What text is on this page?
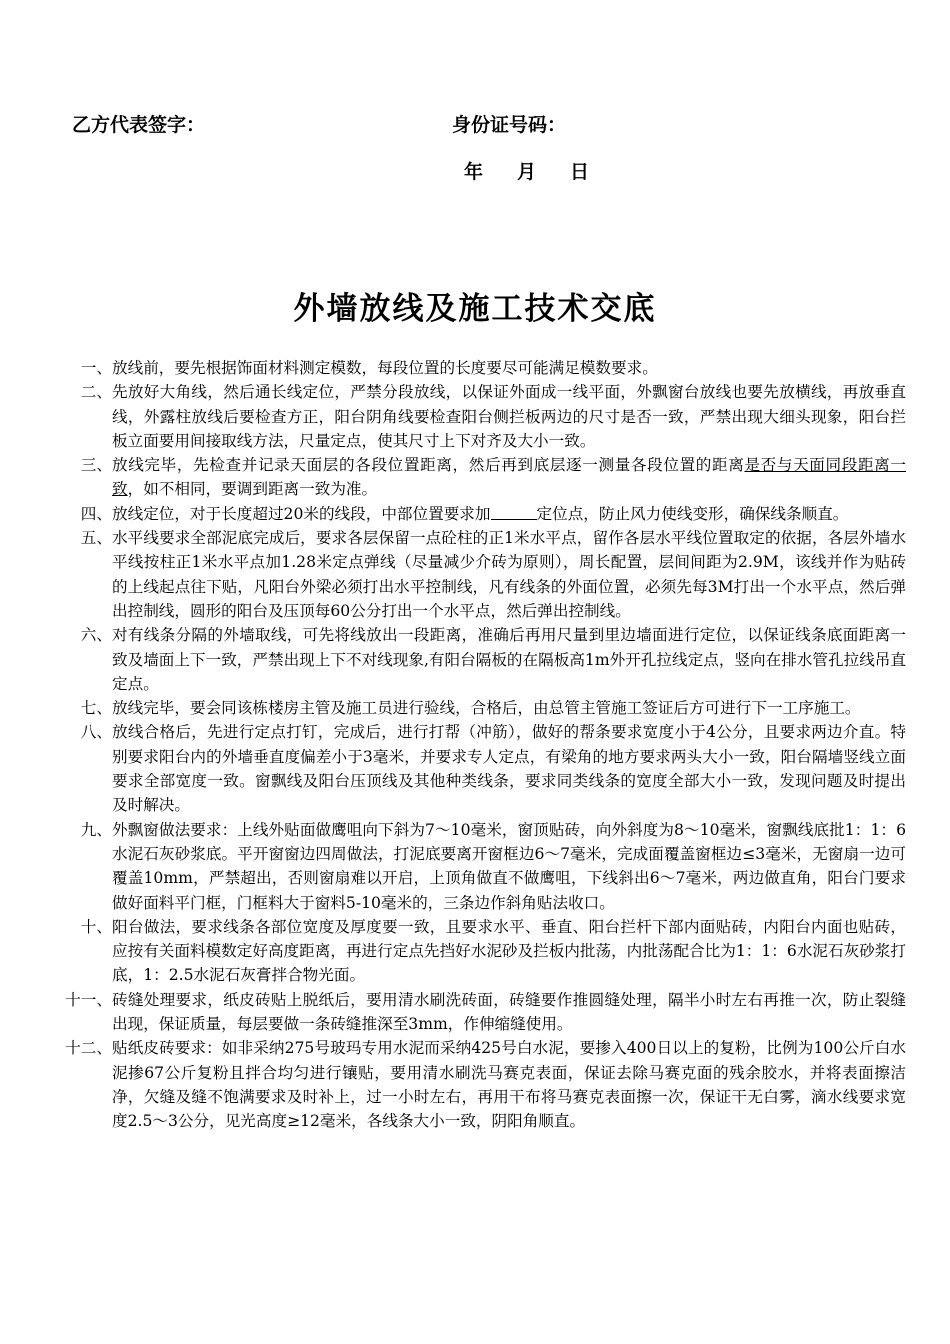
乙方代表签字：	身份证号码：
年 月 日
外墙放线及施工技术交底
一、 放线前，要先根据饰面材料测定模数，每段位置的长度要尽可能满足模数要求。
二、 先放好大角线，然后通长线定位，严禁分段放线，以保证外面成一线平面，外飘窗台放线也要先放横线，再放垂直线，外露柱放线后要检查方正，阳台阴角线要检查阳台侧拦板两边的尺寸是否一致，严禁出现大细头现象，阳台拦板立面要用间接取线方法，尺量定点，使其尺寸上下对齐及大小一致。
三、 放线完毕，先检查并记录天面层的各段位置距离，然后再到底层逐一测量各段位置的距离是否与天面同段距离一致，如不相同，要调到距离一致为准。
四、 放线定位，对于长度超过20米的线段，中部位置要求加	定位点，防止风力使线变形，确保线条顺直。
五、 水平线要求全部泥底完成后，要求各层保留一点砼柱的正1米水平点，留作各层水平线位置取定的依据，各层外墙水平线按柱正1米水平点加1.28米定点弹线（尽量减少介砖为原则），周长配置，层间间距为2.9M，该线并作为贴砖的上线起点往下贴，凡阳台外梁必须打出水平控制线，凡有线条的外面位置，必须先每3M打出一个水平点，然后弹出控制线，圆形的阳台及压顶每60公分打出一个水平点，然后弹出控制线。
六、 对有线条分隔的外墙取线，可先将线放出一段距离，准确后再用尺量到里边墙面进行定位，以保证线条底面距离一致及墙面上下一致，严禁出现上下不对线现象,有阳台隔板的在隔板高1m外开孔拉线定点，竖向在排水管孔拉线吊直定点。
七、 放线完毕，要会同该栋楼房主管及施工员进行验线，合格后，由总管主管施工签证后方可进行下一工序施工。
八、 放线合格后，先进行定点打钉，完成后，进行打帮（冲筋），做好的帮条要求宽度小于4公分，且要求两边介直。特别要求阳台内的外墙垂直度偏差小于3毫米，并要求专人定点，有梁角的地方要求两头大小一致，阳台隔墙竖线立面要求全部宽度一致。窗飘线及阳台压顶线及其他种类线条，要求同类线条的宽度全部大小一致，发现问题及时提出及时解决。
九、 外飘窗做法要求：上线外贴面做鹰咀向下斜为7～10毫米，窗顶贴砖，向外斜度为8～10毫米，窗飘线底批1：1：6水泥石灰砂浆底。平开窗窗边四周做法，打泥底要离开窗框边6～7毫米，完成面覆盖窗框边≤3毫米，无窗扇一边可覆盖10mm，严禁超出，否则窗扇难以开启，上顶角做直不做鹰咀，下线斜出6～7毫米，两边做直角，阳台门要求做好面料平门框，门框料大于窗料5-10毫米的，三条边作斜角贴法收口。
十、 阳台做法，要求线条各部位宽度及厚度要一致，且要求水平、垂直、阳台拦杆下部内面贴砖，内阳台内面也贴砖，应按有关面料模数定好高度距离，再进行定点先挡好水泥砂及拦板内批荡，内批荡配合比为1：1：6水泥石灰砂浆打底，1：2.5水泥石灰膏拌合物光面。
十一、 砖缝处理要求，纸皮砖贴上脱纸后，要用清水刷洗砖面，砖缝要作推圆缝处理，隔半小时左右再推一次，防止裂缝出现，保证质量，每层要做一条砖缝推深至3mm，作伸缩缝使用。
十二、 贴纸皮砖要求：如非采纳275号玻玛专用水泥而采纳425号白水泥，要掺入400日以上的复粉，比例为100公斤白水泥掺67公斤复粉且拌合均匀进行镶贴，要用清水刷洗马赛克表面，保证去除马赛克面的残余胶水，并将表面擦洁净，欠缝及缝不饱满要求及时补上，过一小时左右，再用干布将马赛克表面擦一次，保证干无白雾，滴水线要求宽度2.5～3公分，见光高度≥12毫米，各线条大小一致，阴阳角顺直。
